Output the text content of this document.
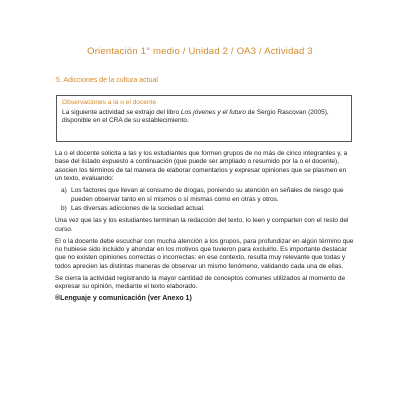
Orientación 1° medio / Unidad 2 / OA3 / Actividad 3
5. Adicciones de la cultura actual
Observaciones a la o el docente
La siguiente actividad se extrajo del libro Los jóvenes y el futuro de Sergio Rascovan (2005), disponible en el CRA de su establecimiento.

La o el docente solicita a las y los estudiantes que formen grupos de no más de cinco integrantes y, a base del listado expuesto a continuación (que puede ser ampliado o resumido por la o el docente), asocien los términos de tal manera de elaborar comentarios y expresar opiniones que se plasmen en un texto, evaluando:

a) Los factores que llevan al consumo de drogas, poniendo su atención en señales de riesgo que pueden observar tanto en sí mismos o sí mismas como en otras y otros.
b) Las diversas adicciones de la sociedad actual.

Una vez que las y los estudiantes terminan la redacción del texto, lo leen y comparten con el resto del curso.

El o la docente debe escuchar con mucha atención a los grupos, para profundizar en algún término que no hubiese sido incluido y ahondar en los motivos que tuvieron para excluirlo. Es importante destacar que no existen opiniones correctas o incorrectas: en ese contexto, resulta muy relevante que todas y todos aprecien las distintas maneras de observar un mismo fenómeno, validando cada una de ellas.

Se cierra la actividad registrando la mayor cantidad de conceptos comunes utilizados al momento de expresar su opinión, mediante el texto elaborado.

®Lenguaje y comunicación (ver Anexo 1)
